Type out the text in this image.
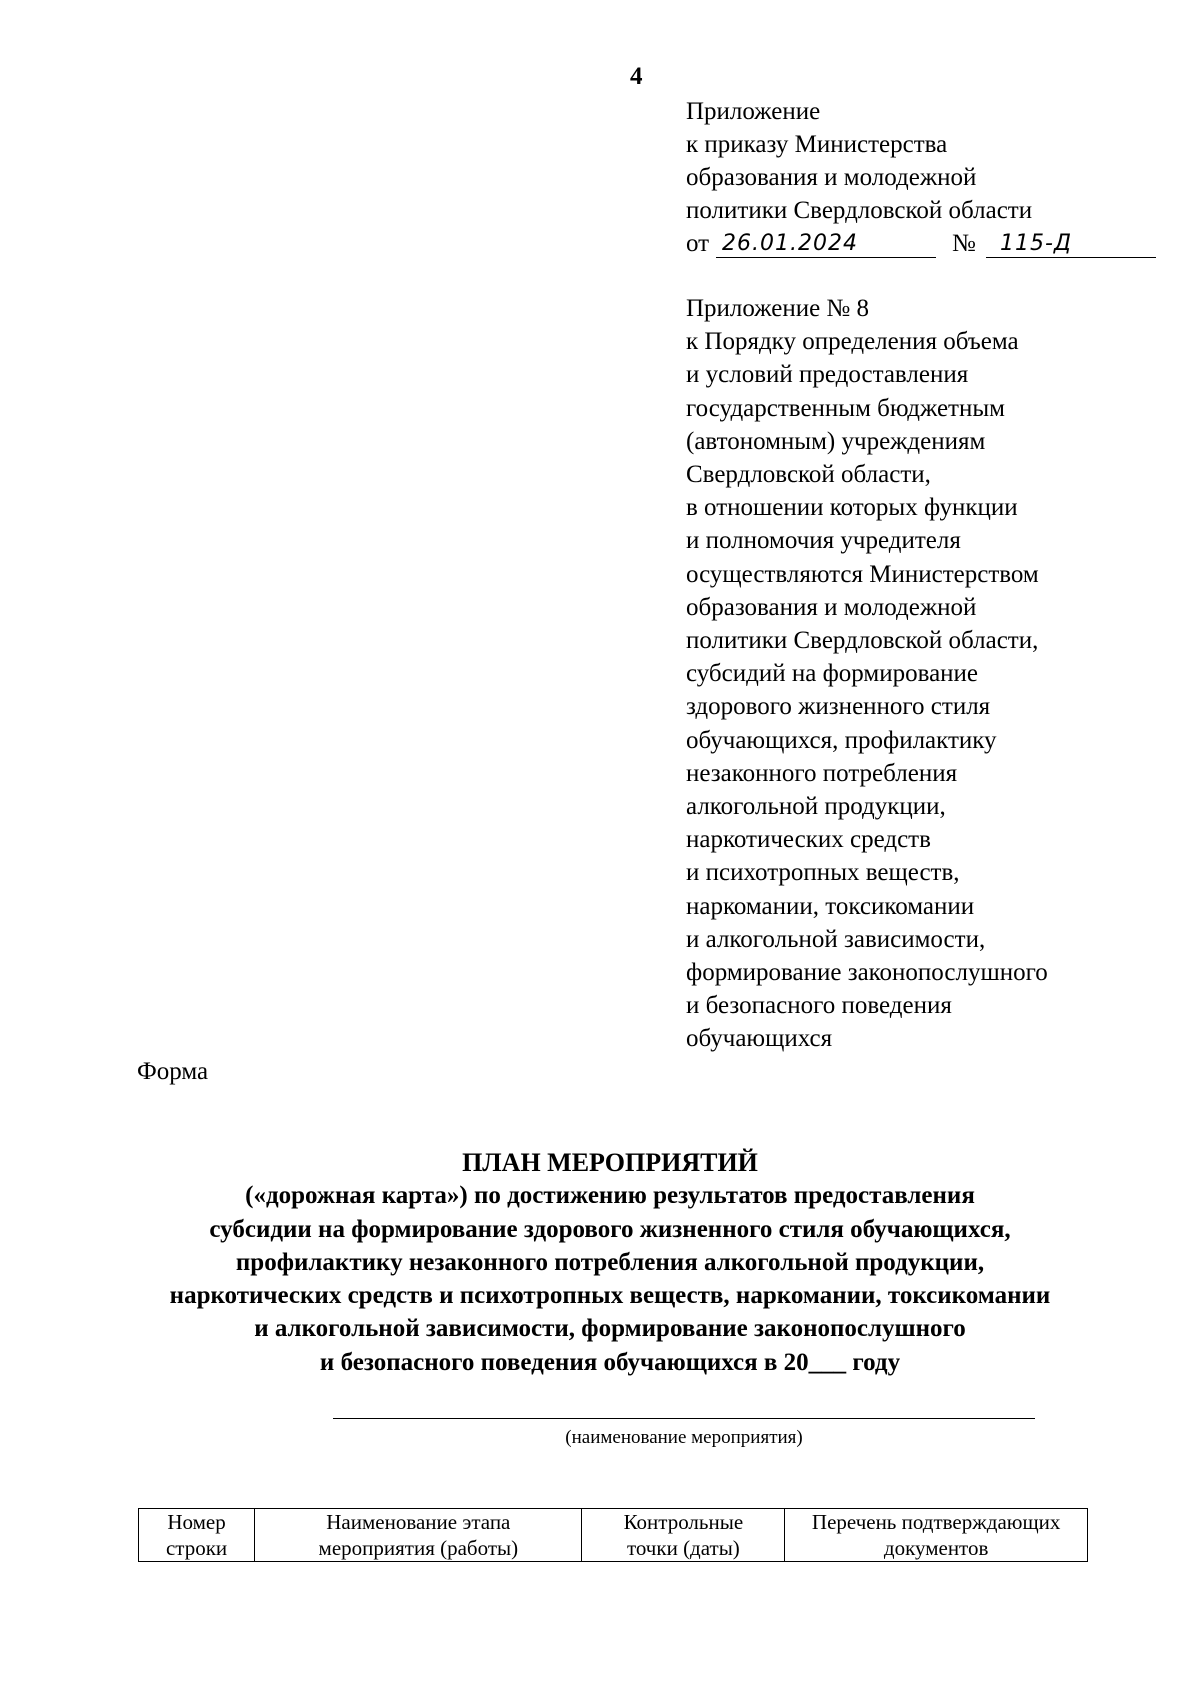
4
Приложение
к приказу Министерства
образования и молодежной
политики Свердловской области
от 26.01.2024	№ 115-Д
Приложение № 8
к Порядку определения объема
и условий предоставления
государственным бюджетным
(автономным) учреждениям
Свердловской области,
в отношении которых функции
и полномочия учредителя
осуществляются Министерством
образования и молодежной
политики Свердловской области,
субсидий на формирование
здорового жизненного стиля
обучающихся, профилактику
незаконного потребления
алкогольной продукции,
наркотических средств
и психотропных веществ,
наркомании, токсикомании
и алкогольной зависимости,
формирование законопослушного
и безопасного поведения
обучающихся
Форма
ПЛАН МЕРОПРИЯТИЙ
(«дорожная карта») по достижению результатов предоставления
субсидии на формирование здорового жизненного стиля обучающихся,
профилактику незаконного потребления алкогольной продукции,
наркотических средств и психотропных веществ, наркомании, токсикомании
и алкогольной зависимости, формирование законопослушного
и безопасного поведения обучающихся в 20___ году
(наименование мероприятия)
Номер
строки

Наименование этапа
мероприятия (работы)

Контрольные
точки (даты)

Перечень подтверждающих
документов
